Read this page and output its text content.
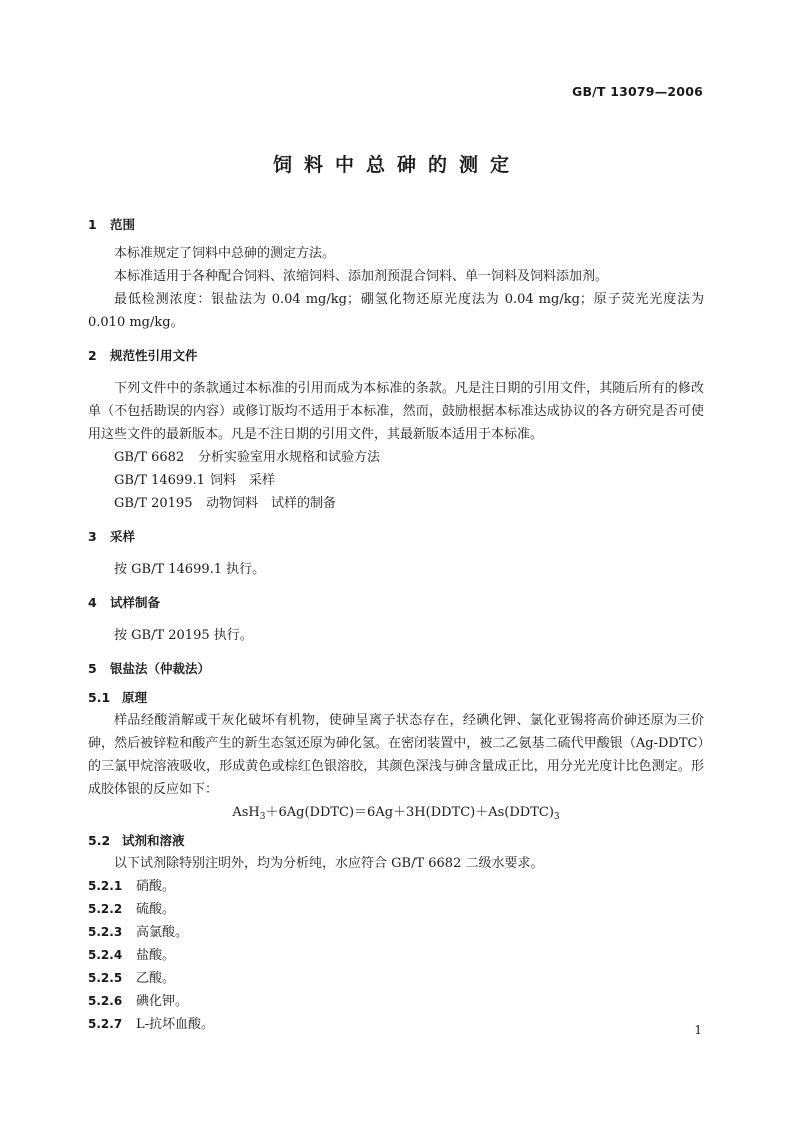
GB/T 13079—2006
饲料中总砷的测定
1 范围

本标准规定了饲料中总砷的测定方法。

本标准适用于各种配合饲料、浓缩饲料、添加剂预混合饲料、单一饲料及饲料添加剂。

最低检测浓度：银盐法为 0.04 mg/kg；硼氢化物还原光度法为 0.04 mg/kg；原子荧光光度法为0.010 mg/kg。

2 规范性引用文件

下列文件中的条款通过本标准的引用而成为本标准的条款。凡是注日期的引用文件，其随后所有的修改单（不包括勘误的内容）或修订版均不适用于本标准，然而，鼓励根据本标准达成协议的各方研究是否可使用这些文件的最新版本。凡是不注日期的引用文件，其最新版本适用于本标准。

GB/T 6682 分析实验室用水规格和试验方法

GB/T 14699.1 饲料　采样

GB/T 20195 动物饲料　试样的制备

3 采样

按 GB/T 14699.1 执行。

4 试样制备

按 GB/T 20195 执行。

5 银盐法（仲裁法）
5.1 原理

样品经酸消解或干灰化破坏有机物，使砷呈离子状态存在，经碘化钾、氯化亚锡将高价砷还原为三价砷，然后被锌粒和酸产生的新生态氢还原为砷化氢。在密闭装置中，被二乙氨基二硫代甲酸银（Ag-DDTC）的三氯甲烷溶液吸收，形成黄色或棕红色银溶胶，其颜色深浅与砷含量成正比，用分光光度计比色测定。形成胶体银的反应如下：

$AsH_3+6Ag(DDTC)=6Ag+3H(DDTC)+As(DDTC)_3$

5.2 试剂和溶液

以下试剂除特别注明外，均为分析纯，水应符合 GB/T 6682 二级水要求。

5.2.1 硝酸。

5.2.2 硫酸。

5.2.3 高氯酸。

5.2.4 盐酸。

5.2.5 乙酸。

5.2.6 碘化钾。

5.2.7 L-抗坏血酸。	1
